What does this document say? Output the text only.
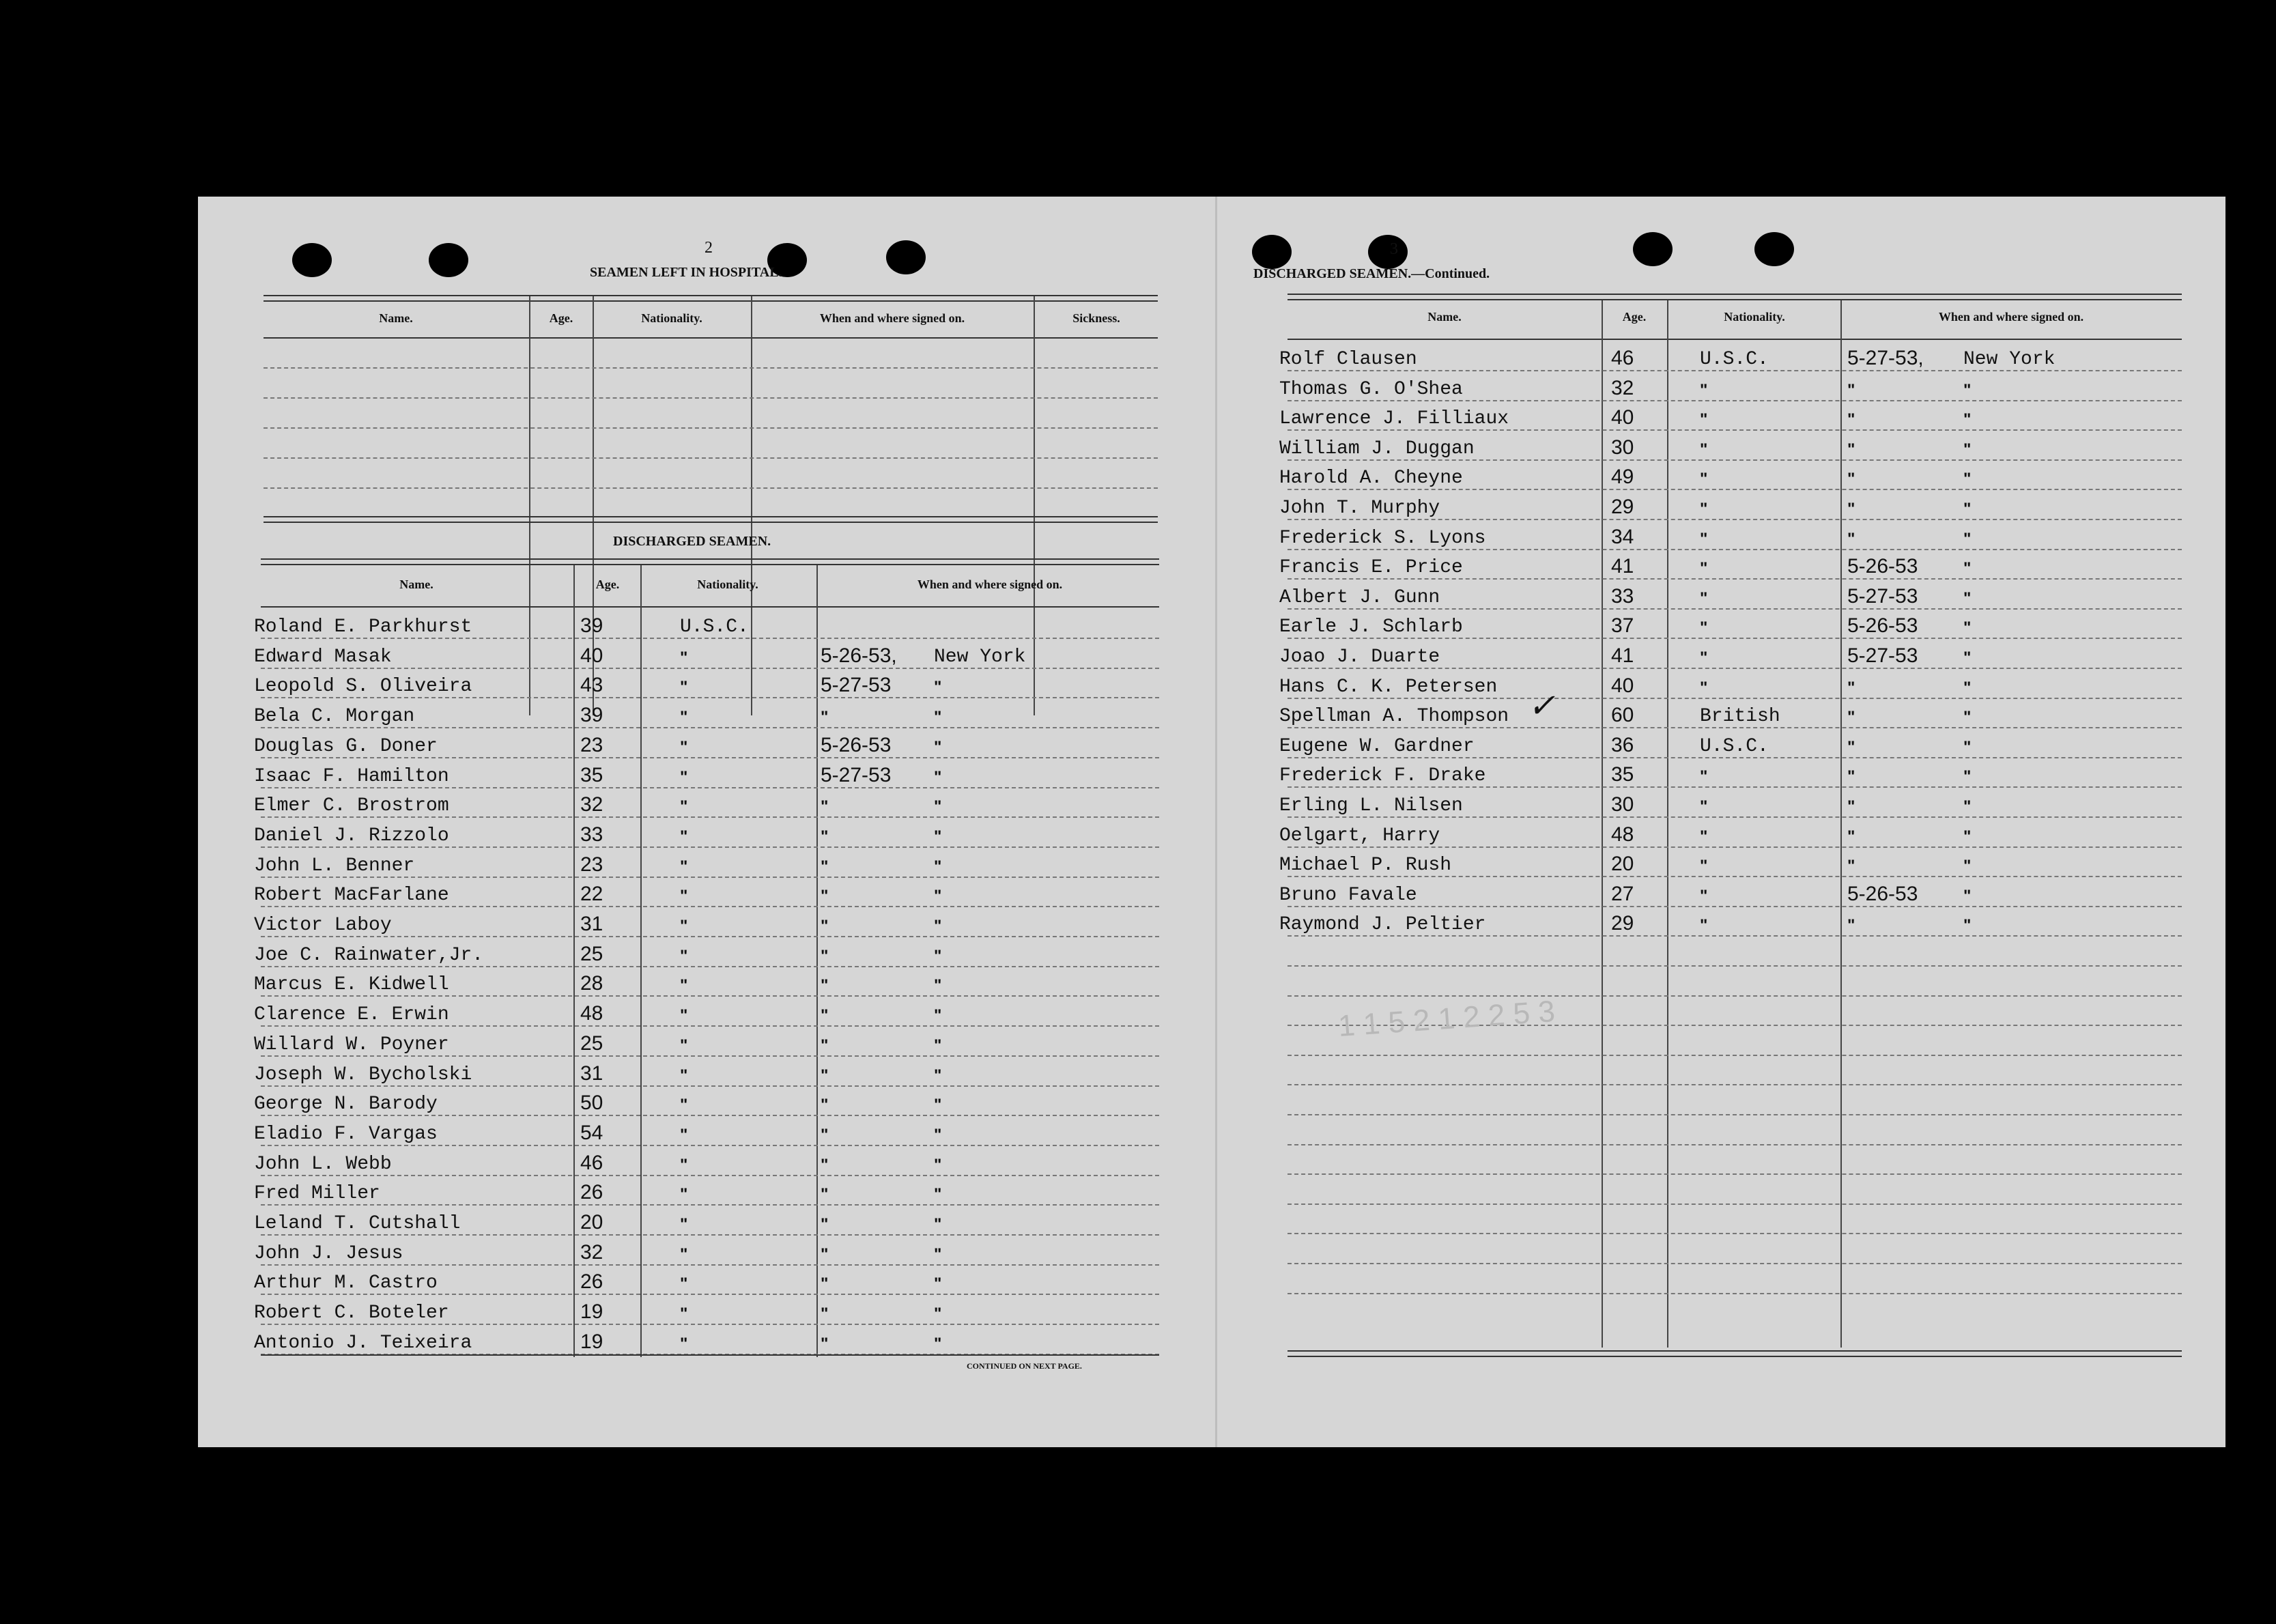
2
SEAMEN LEFT IN HOSPITAL.
Name.	Age.	Nationality.	When and where signed on.	Sickness.
DISCHARGED SEAMEN.
Name.	Age.	Nationality.	When and where signed on.
Roland E. Parkhurst	39	U.S.C.
Edward Masak	40	"	5-26-53, New York
Leopold S. Oliveira	43	"	5-27-53	"
Bela C. Morgan	39	"	"	"
Douglas G. Doner	23	"	5-26-53	"
Isaac F. Hamilton	35	"	5-27-53	"
Elmer C. Brostrom	32	"	"	"
Daniel J. Rizzolo	33	"	"	"
John L. Benner	23	"	"	"
Robert MacFarlane	22	"	"	"
Victor Laboy	31	"	"	"
Joe C. Rainwater,Jr.	25	"	"	"
Marcus E. Kidwell	28	"	"	"
Clarence E. Erwin	48	"	"	"
Willard W. Poyner	25	"	"	"
Joseph W. Bycholski	31	"	"	"
George N. Barody	50	"	"	"
Eladio F. Vargas	54	"	"	"
John L. Webb	46	"	"	"
Fred Miller	26	"	"	"
Leland T. Cutshall	20	"	"	"
John J. Jesus	32	"	"	"
Arthur M. Castro	26	"	"	"
Robert C. Boteler	19	"	"	"
Antonio J. Teixeira	19	"	"	"
CONTINUED ON NEXT PAGE.
3
DISCHARGED SEAMEN.—Continued.
Name.	Age.	Nationality.	When and where signed on.
Rolf Clausen	46	U.S.C.	5-27-53, New York
Thomas G. O'Shea	32	"	"	"
Lawrence J. Filliaux	40	"	"	"
William J. Duggan	30	"	"	"
Harold A. Cheyne	49	"	"	"
John T. Murphy	29	"	"	"
Frederick S. Lyons	34	"	"	"
Francis E. Price	41	"	5-26-53	"
Albert J. Gunn	33	"	5-27-53	"
Earle J. Schlarb	37	"	5-26-53	"
Joao J. Duarte	41	"	5-27-53	"
Hans C. K. Petersen	40	"	"	"
Spellman A. Thompson	60	British	"	"
Eugene W. Gardner	36	U.S.C.	"	"
Frederick F. Drake	35	"	"	"
Erling L. Nilsen	30	"	"	"
Oelgart, Harry	48	"	"	"
Michael P. Rush	20	"	"	"
Bruno Favale	27	"	5-26-53	"
Raymond J. Peltier	29	"	"	"
✓
1 1 5 2 1 2 2 5 3
